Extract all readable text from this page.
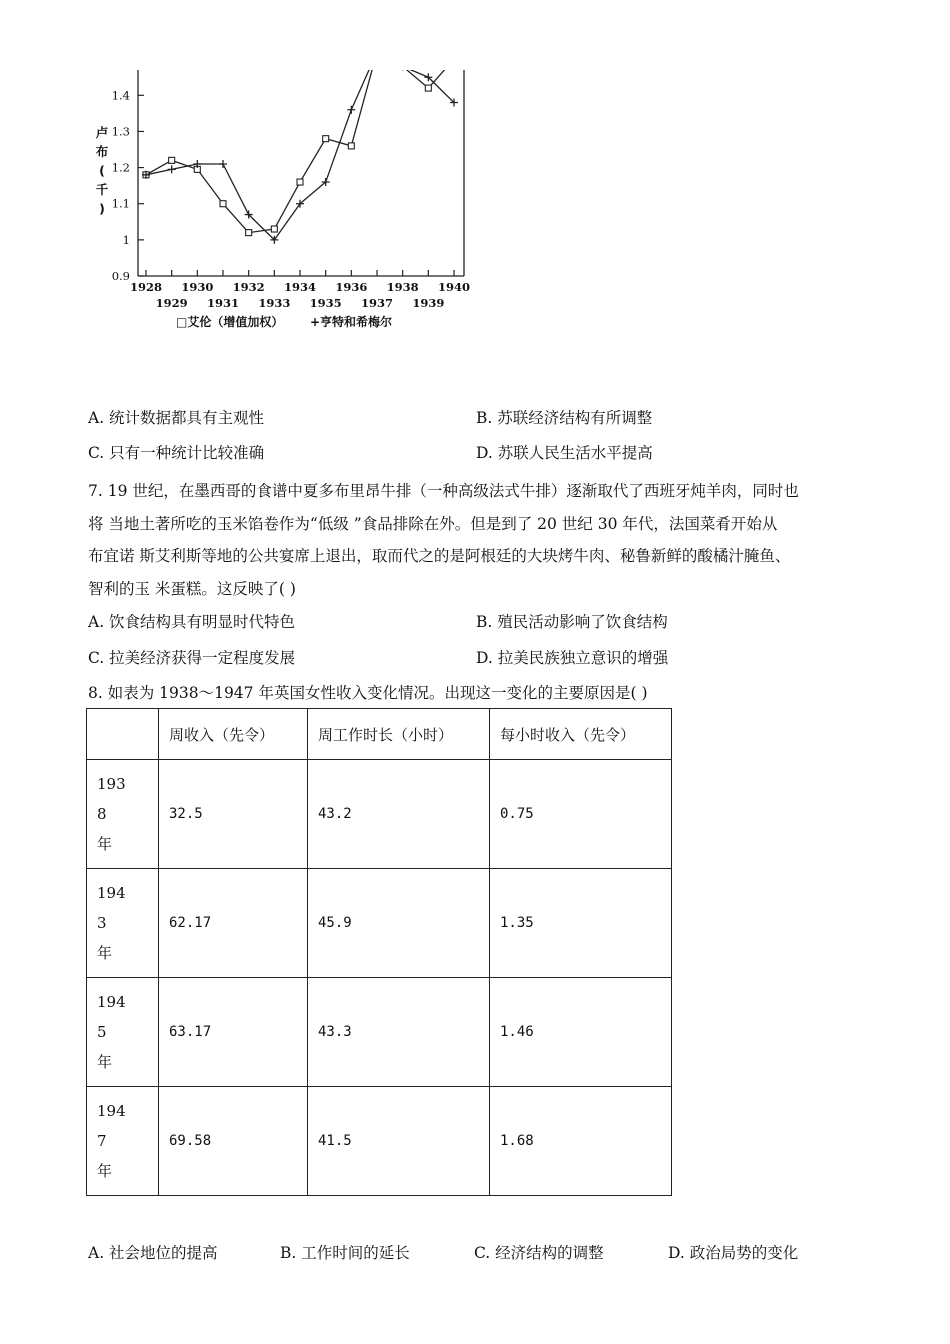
0.9
1
1.1
1.2
1.3
1.4
1928 1930 1932 1934 1936 1938 1940
1929 1931 1933 1935 1937 1939
卢
布
(
千
)
□艾伦（增值加权） +亨特和希梅尔
A. 统计数据都具有主观性	B. 苏联经济结构有所调整
C. 只有一种统计比较准确	D. 苏联人民生活水平提高
7. 19 世纪，在墨西哥的食谱中夏多布里昂牛排（一种高级法式牛排）逐渐取代了西班牙炖羊肉，同时也
将 当地土著所吃的玉米馅卷作为“低级 ”食品排除在外。但是到了 20 世纪 30 年代，法国菜肴开始从
布宜诺 斯艾利斯等地的公共宴席上退出，取而代之的是阿根廷的大块烤牛肉、秘鲁新鲜的酸橘汁腌鱼、
智利的玉 米蛋糕。这反映了( )
A. 饮食结构具有明显时代特色	B. 殖民活动影响了饮食结构
C. 拉美经济获得一定程度发展	D. 拉美民族独立意识的增强
8. 如表为 1938～1947 年英国女性收入变化情况。出现这一变化的主要原因是( )
	周收入（先令）	周工作时长（小时）	每小时收入（先令）

193
8
年	32.5	43.2	0.75

194
3
年	62.17	45.9	1.35

194
5
年	63.17	43.3	1.46

194
7
年	69.58	41.5	1.68
A. 社会地位的提高	B. 工作时间的延长	C. 经济结构的调整	D. 政治局势的变化
